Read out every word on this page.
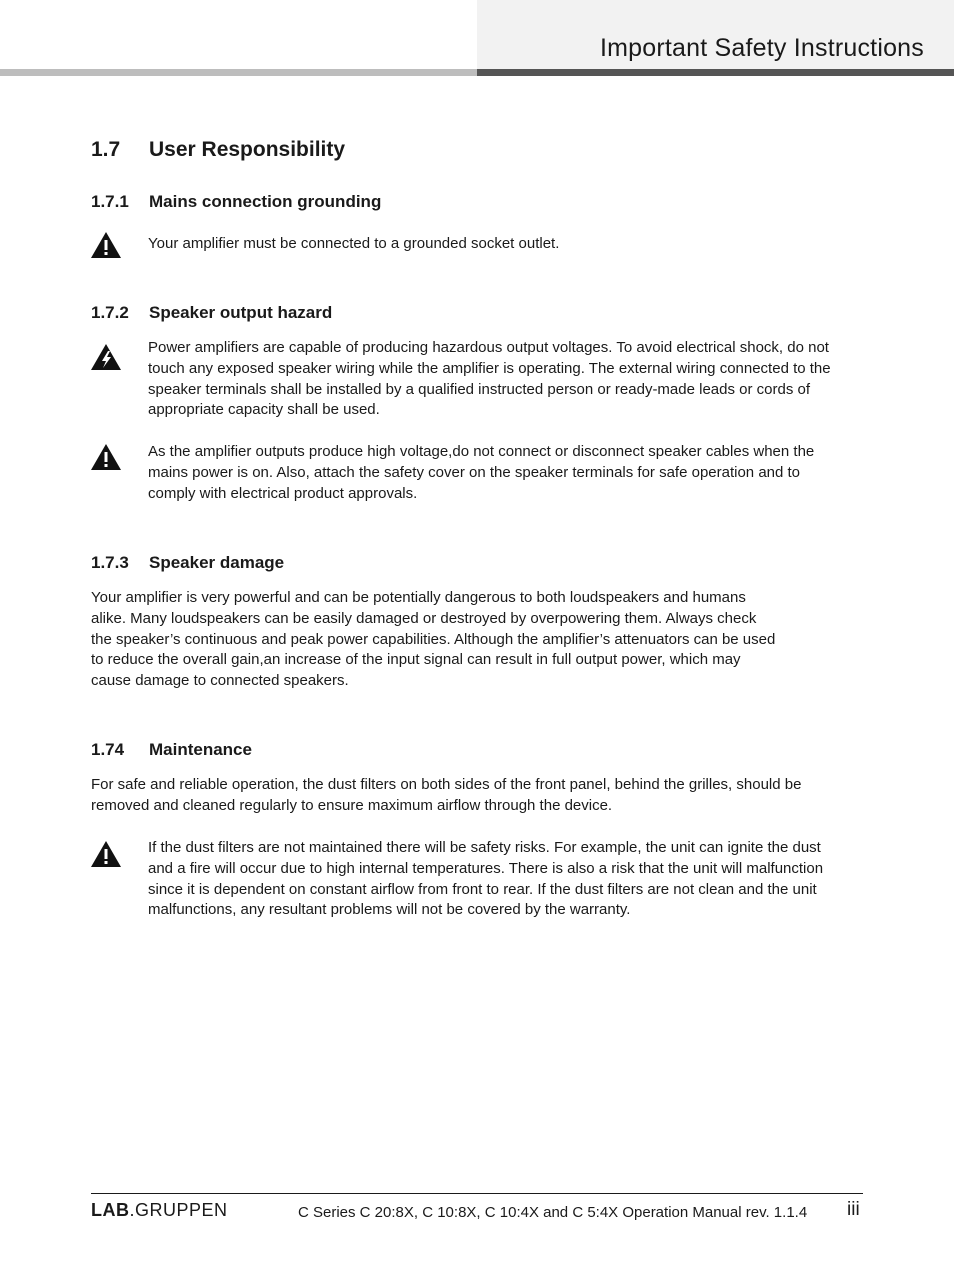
Important Safety Instructions
1.7 User Responsibility
1.7.1 Mains connection grounding
Your amplifier must be connected to a grounded socket outlet.
1.7.2 Speaker output hazard
Power amplifiers are capable of producing hazardous output voltages. To avoid electrical shock, do not touch any exposed speaker wiring while the amplifier is operating. The external wiring connected to the speaker terminals shall be installed by a qualified instructed person or ready-made leads or cords of appropriate capacity shall be used.
As the amplifier outputs produce high voltage,do not connect or disconnect speaker cables when the mains power is on. Also, attach the safety cover on the speaker terminals for safe operation and to comply with electrical product approvals.
1.7.3 Speaker damage
Your amplifier is very powerful and can be potentially dangerous to both loudspeakers and humans alike. Many loudspeakers can be easily damaged or destroyed by overpowering them. Always check the speaker’s continuous and peak power capabilities. Although the amplifier’s attenuators can be used to reduce the overall gain,an increase of the input signal can result in full output power, which may cause damage to connected speakers.
1.74 Maintenance
For safe and reliable operation, the dust filters on both sides of the front panel, behind the grilles, should be removed and cleaned regularly to ensure maximum airflow through the device.
If the dust filters are not maintained there will be safety risks. For example, the unit can ignite the dust and a fire will occur due to high internal temperatures. There is also a risk that the unit will malfunction since it is dependent on constant airflow from front to rear. If the dust filters are not clean and the unit malfunctions, any resultant problems will not be covered by the warranty.
LAB.GRUPPEN	C Series C 20:8X, C 10:8X, C 10:4X and C 5:4X Operation Manual rev. 1.1.4 iii
